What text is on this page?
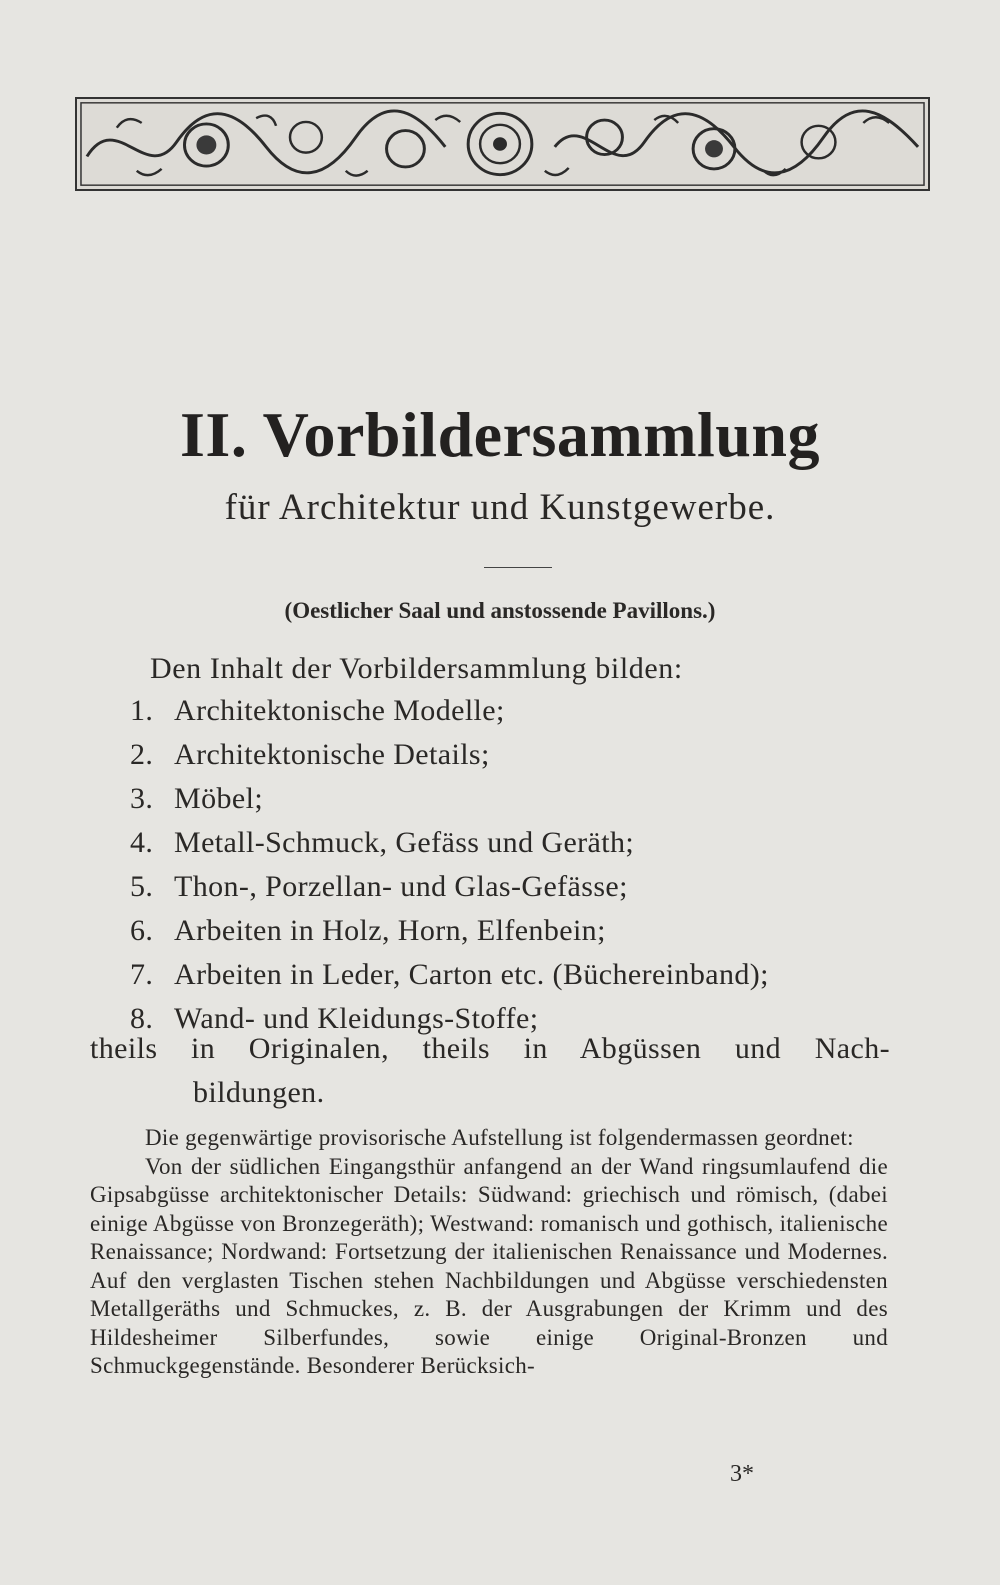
II. Vorbildersammlung
für Architektur und Kunstgewerbe.
(Oestlicher Saal und anstossende Pavillons.)
Den Inhalt der Vorbildersammlung bilden:
1. Architektonische Modelle;
2. Architektonische Details;
3. Möbel;
4. Metall-Schmuck, Gefäss und Geräth;
5. Thon-, Porzellan- und Glas-Gefässe;
6. Arbeiten in Holz, Horn, Elfenbein;
7. Arbeiten in Leder, Carton etc. (Büchereinband);
8. Wand- und Kleidungs-Stoffe;
theils in Originalen, theils in Abgüssen und Nach-
bildungen.

Die gegenwärtige provisorische Aufstellung ist folgendermassen geordnet:

Von der südlichen Eingangsthür anfangend an der Wand ringsumlaufend die Gipsabgüsse architektonischer Details: Südwand: griechisch und römisch, (dabei einige Abgüsse von Bronzegeräth); Westwand: romanisch und gothisch, italienische Renaissance; Nordwand: Fortsetzung der italienischen Renaissance und Modernes. Auf den verglasten Tischen stehen Nachbildungen und Abgüsse verschiedensten Metallgeräths und Schmuckes, z. B. der Ausgrabungen der Krimm und des Hildesheimer Silberfundes, sowie einige Original-Bronzen und Schmuckgegenstände. Besonderer Berücksich-

3*
